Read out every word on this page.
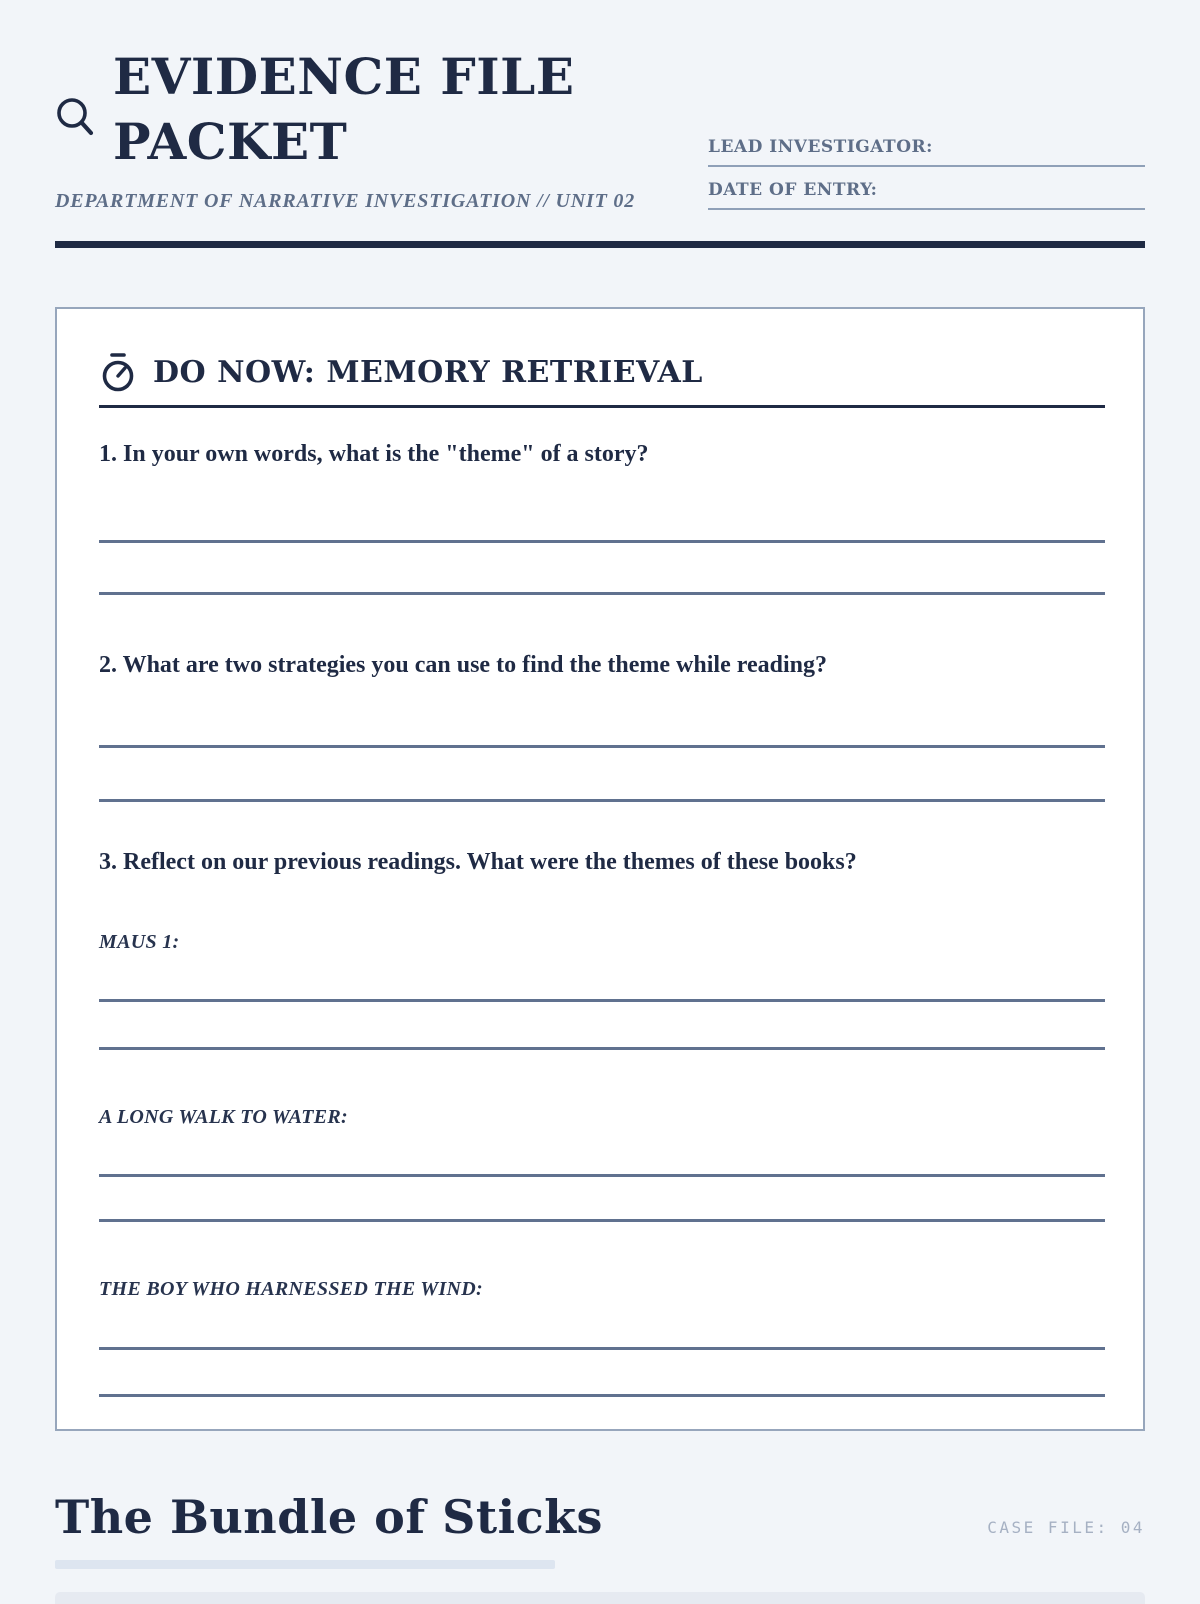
EVIDENCE FILE PACKET
DEPARTMENT OF NARRATIVE INVESTIGATION // UNIT 02
LEAD INVESTIGATOR:
DATE OF ENTRY:
DO NOW: MEMORY RETRIEVAL
1. In your own words, what is the "theme" of a story?
2. What are two strategies you can use to find the theme while reading?
3. Reflect on our previous readings. What were the themes of these books?
MAUS 1:
A LONG WALK TO WATER:
THE BOY WHO HARNESSED THE WIND:
The Bundle of Sticks	CASE FILE: 04
